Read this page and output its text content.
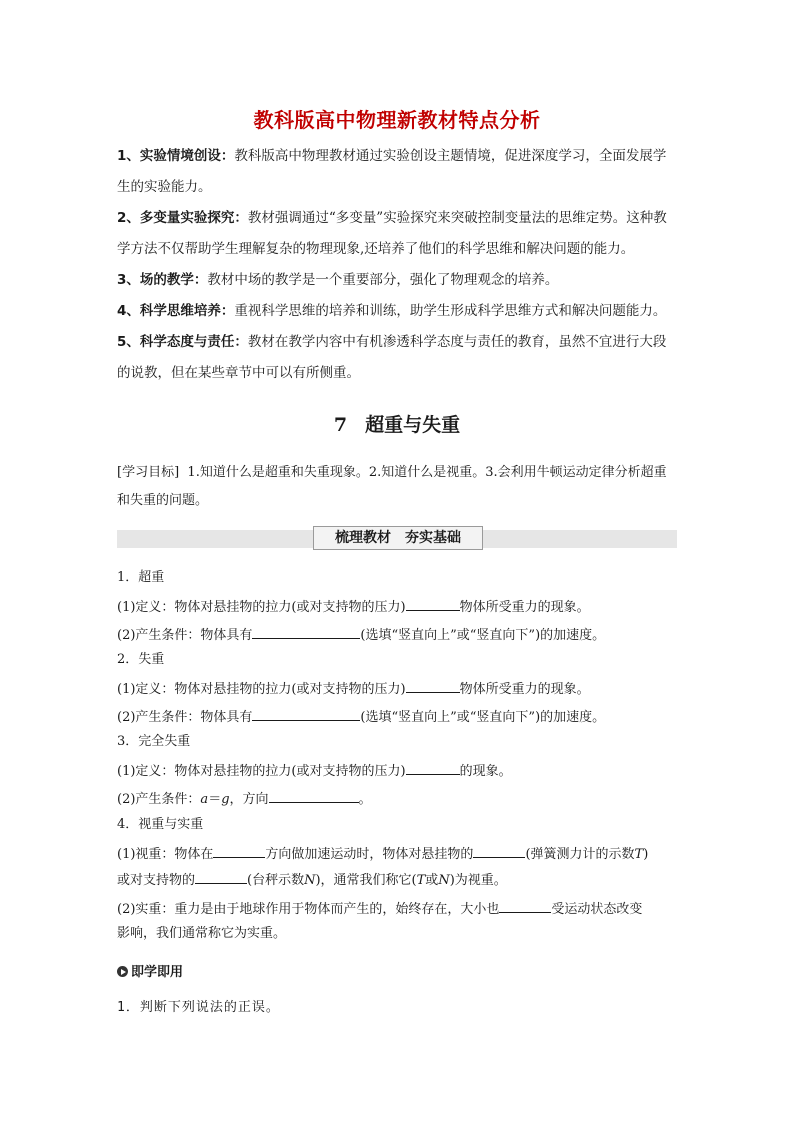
教科版高中物理新教材特点分析

1、实验情境创设：教科版高中物理教材通过实验创设主题情境，促进深度学习，全面发展学生的实验能力。

2、多变量实验探究：教材强调通过“多变量”实验探究来突破控制变量法的思维定势。这种教学方法不仅帮助学生理解复杂的物理现象,还培养了他们的科学思维和解决问题的能力。

3、场的教学：教材中场的教学是一个重要部分，强化了物理观念的培养。

4、科学思维培养：重视科学思维的培养和训练，助学生形成科学思维方式和解决问题能力。

5、科学态度与责任：教材在教学内容中有机渗透科学态度与责任的教育，虽然不宜进行大段的说教，但在某些章节中可以有所侧重。

7 超重与失重

[学习目标] 1.知道什么是超重和失重现象。2.知道什么是视重。3.会利用牛顿运动定律分析超重和失重的问题。

梳理教材 夯实基础
1．超重
(1)定义：物体对悬挂物的拉力(或对支持物的压力)	物体所受重力的现象。
(2)产生条件：物体具有	(选填“竖直向上”或“竖直向下”)的加速度。
2．失重
(1)定义：物体对悬挂物的拉力(或对支持物的压力)	物体所受重力的现象。
(2)产生条件：物体具有	(选填“竖直向上”或“竖直向下”)的加速度。
3．完全失重
(1)定义：物体对悬挂物的拉力(或对支持物的压力)	的现象。
(2)产生条件：a＝g，方向	。
4．视重与实重
(1)视重：物体在	方向做加速运动时，物体对悬挂物的	(弹簧测力计的示数T)
或对支持物的	(台秤示数N)，通常我们称它(T或N)为视重。
(2)实重：重力是由于地球作用于物体而产生的，始终存在，大小也	受运动状态改变
影响，我们通常称它为实重。
即学即用
1．判断下列说法的正误。
